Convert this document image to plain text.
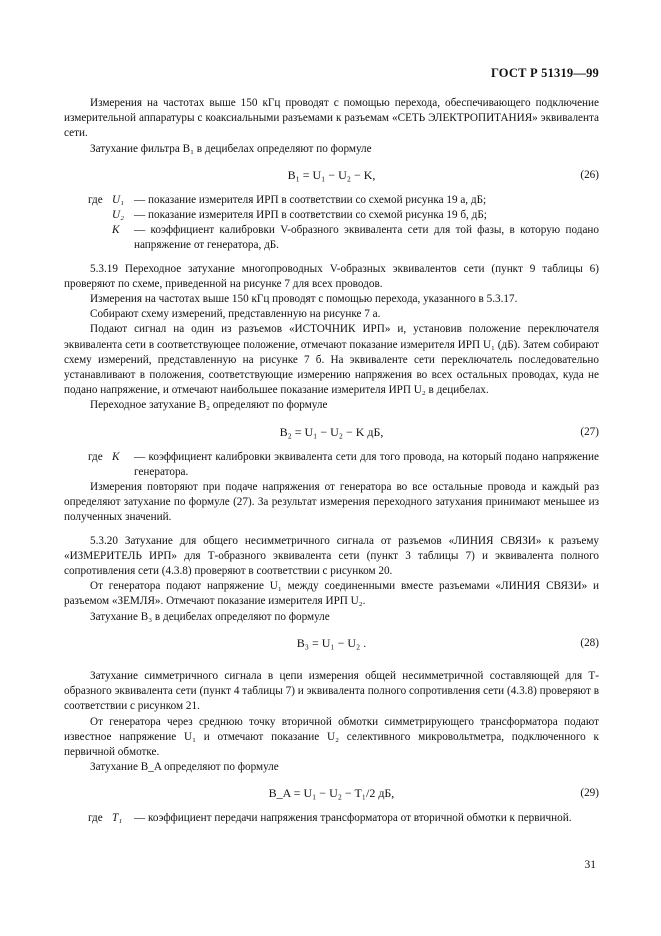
ГОСТ Р 51319—99

Измерения на частотах выше 150 кГц проводят с помощью перехода, обеспечивающего подключение измерительной аппаратуры с коаксиальными разъемами к разъемам «СЕТЬ ЭЛЕКТРОПИТАНИЯ» эквивалента сети.

Затухание фильтра B₁ в децибелах определяют по формуле

B₁ = U₁ − U₂ − K,	(26)
где U₁ — показание измерителя ИРП в соответствии со схемой рисунка 19 а, дБ;
U₂ — показание измерителя ИРП в соответствии со схемой рисунка 19 б, дБ;
K	— коэффициент калибровки V-образного эквивалента сети для той фазы, в которую подано напряжение от генератора, дБ.

5.3.19 Переходное затухание многопроводных V-образных эквивалентов сети (пункт 9 таблицы 6) проверяют по схеме, приведенной на рисунке 7 для всех проводов.

Измерения на частотах выше 150 кГц проводят с помощью перехода, указанного в 5.3.17.

Собирают схему измерений, представленную на рисунке 7 а.

Подают сигнал на один из разъемов «ИСТОЧНИК ИРП» и, установив положение переключателя эквивалента сети в соответствующее положение, отмечают показание измерителя ИРП U₁ (дБ). Затем собирают схему измерений, представленную на рисунке 7 б. На эквиваленте сети переключатель последовательно устанавливают в положения, соответствующие измерению напряжения во всех остальных проводах, куда не подано напряжение, и отмечают наибольшее показание измерителя ИРП U₂ в децибелах.

Переходное затухание B₂ определяют по формуле

B₂ = U₁ − U₂ − K дБ,	(27)
где K	— коэффициент калибровки эквивалента сети для того провода, на который подано напряжение генератора.

Измерения повторяют при подаче напряжения от генератора во все остальные провода и каждый раз определяют затухание по формуле (27). За результат измерения переходного затухания принимают меньшее из полученных значений.

5.3.20 Затухание для общего несимметричного сигнала от разъемов «ЛИНИЯ СВЯЗИ» к разъему «ИЗМЕРИТЕЛЬ ИРП» для Т-образного эквивалента сети (пункт 3 таблицы 7) и эквивалента полного сопротивления сети (4.3.8) проверяют в соответствии с рисунком 20.

От генератора подают напряжение U₁ между соединенными вместе разъемами «ЛИНИЯ СВЯЗИ» и разъемом «ЗЕМЛЯ». Отмечают показание измерителя ИРП U₂.

Затухание B₃ в децибелах определяют по формуле

B₃ = U₁ − U₂ .	(28)

Затухание симметричного сигнала в цепи измерения общей несимметричной составляющей для Т-образного эквивалента сети (пункт 4 таблицы 7) и эквивалента полного сопротивления сети (4.3.8) проверяют в соответствии с рисунком 21.

От генератора через среднюю точку вторичной обмотки симметрирующего трансформатора подают известное напряжение U₁ и отмечают показание U₂ селективного микровольтметра, подключенного к первичной обмотке.

Затухание B_A определяют по формуле

B_A = U₁ − U₂ − T₁/2 дБ,	(29)
где T₁	— коэффициент передачи напряжения трансформатора от вторичной обмотки к первичной.
31
